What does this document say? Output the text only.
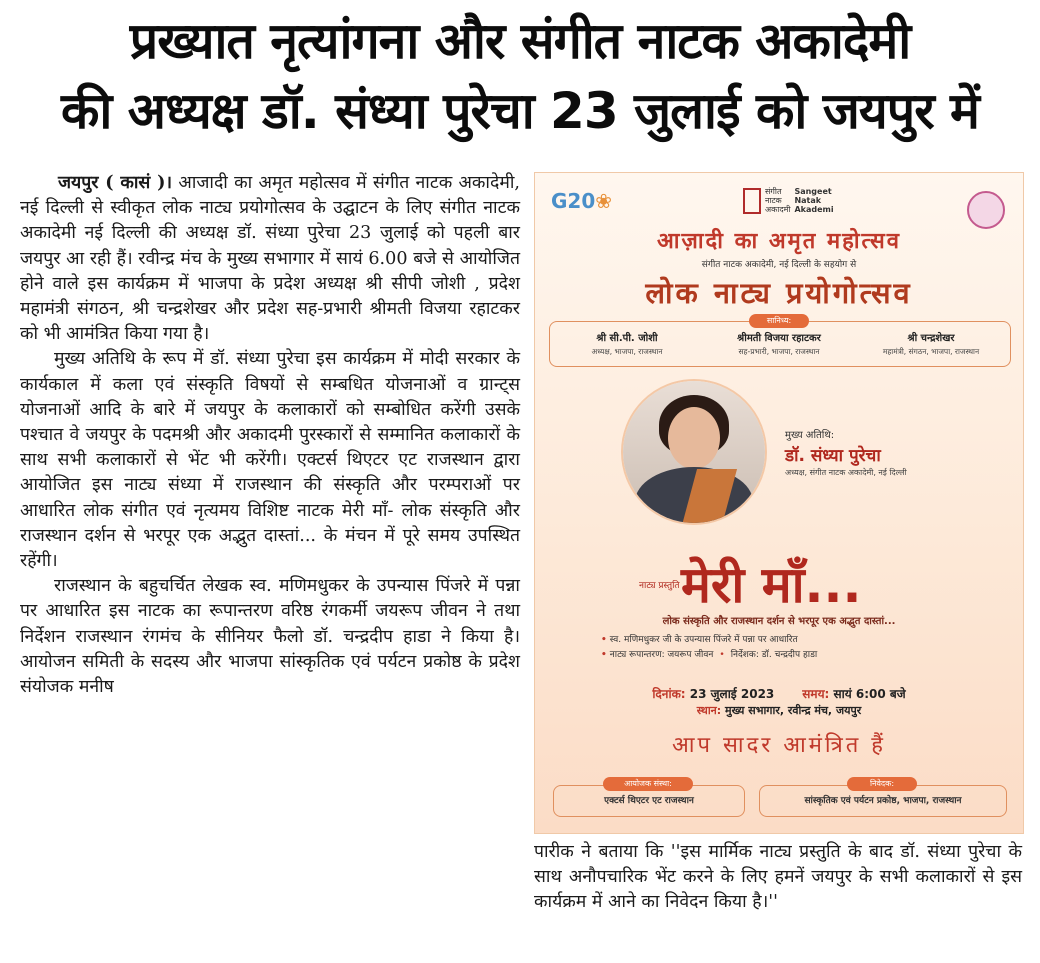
प्रख्यात नृत्यांगना और संगीत नाटक अकादेमी
की अध्यक्ष डॉ. संध्या पुरेचा 23 जुलाई को जयपुर में

जयपुर ( कासं )। आजादी का अमृत महोत्सव में संगीत नाटक अकादेमी, नई दिल्ली से स्वीकृत लोक नाट्य प्रयोगोत्सव के उद्घाटन के लिए संगीत नाटक अकादेमी नई दिल्ली की अध्यक्ष डॉ. संध्या पुरेचा 23 जुलाई को पहली बार जयपुर आ रही हैं। रवीन्द्र मंच के मुख्य सभागार में सायं 6.00 बजे से आयोजित होने वाले इस कार्यक्रम में भाजपा के प्रदेश अध्यक्ष श्री सीपी जोशी , प्रदेश महामंत्री संगठन, श्री चन्द्रशेखर और प्रदेश सह-प्रभारी श्रीमती विजया रहाटकर को भी आमंत्रित किया गया है।

मुख्य अतिथि के रूप में डॉ. संध्या पुरेचा इस कार्यक्रम में मोदी सरकार के कार्यकाल में कला एवं संस्कृति विषयों से सम्बधित योजनाओं व ग्रान्ट्स योजनाओं आदि के बारे में जयपुर के कलाकारों को सम्बोधित करेंगी उसके पश्चात वे जयपुर के पदमश्री और अकादमी पुरस्कारों से सम्मानित कलाकारों के साथ सभी कलाकारों से भेंट भी करेंगी। एक्टर्स थिएटर एट राजस्थान द्वारा आयोजित इस नाट्य संध्या में राजस्थान की संस्कृति और परम्पराओं पर आधारित लोक संगीत एवं नृत्यमय विशिष्ट नाटक मेरी माँ- लोक संस्कृति और राजस्थान दर्शन से भरपूर एक अद्भुत दास्तां... के मंचन में पूरे समय उपस्थित रहेंगी।

राजस्थान के बहुचर्चित लेखक स्व. मणिमधुकर के उपन्यास पिंजरे में पन्ना पर आधारित इस नाटक का रूपान्तरण वरिष्ठ रंगकर्मी जयरूप जीवन ने तथा निर्देशन राजस्थान रंगमंच के सीनियर फैलो डॉ. चन्द्रदीप हाडा ने किया है। आयोजन समिती के सदस्य और भाजपा सांस्कृतिक एवं पर्यटन प्रकोष्ठ के प्रदेश संयोजक मनीष

G20❀	संगीत
नाटक
अकादमीSangeet Natak Akademi
आज़ादी का अमृत महोत्सव
संगीत नाटक अकादेमी, नई दिल्ली के सहयोग से
लोक नाट्य प्रयोगोत्सव
श्री सी.पी. जोशी
अध्यक्ष, भाजपा, राजस्थान
श्रीमती विजया रहाटकर
सह-प्रभारी, भाजपा, राजस्थान
श्री चन्द्रशेखर
महामंत्री, संगठन, भाजपा, राजस्थान
सानिध्य:
मुख्य अतिथि:
डॉ. संध्या पुरेचा
अध्यक्ष, संगीत नाटक अकादेमी, नई दिल्ली
नाट्य प्रस्तुति मेरी माँ...
लोक संस्कृति और राजस्थान दर्शन से भरपूर एक अद्भुत दास्तां...
• स्व. मणिमधुकर जी के उपन्यास पिंजरे में पन्ना पर आधारित
• नाट्य रूपान्तरण: जयरूप जीवन • निर्देशक: डॉ. चन्द्रदीप हाडा
दिनांक: 23 जुलाई 2023 समय: सायं 6:00 बजे
स्थान: मुख्य सभागार, रवीन्द्र मंच, जयपुर
आप सादर आमंत्रित हैं
एक्टर्स थिएटर एट राजस्थान
आयोजक संस्था:
सांस्कृतिक एवं पर्यटन प्रकोष्ठ, भाजपा, राजस्थान
निवेदक:

पारीक ने बताया कि ''इस मार्मिक नाट्य प्रस्तुति के बाद डॉ. संध्या पुरेचा के साथ अनौपचारिक भेंट करने के लिए हमनें जयपुर के सभी कलाकारों से इस कार्यक्रम में आने का निवेदन किया है।''
